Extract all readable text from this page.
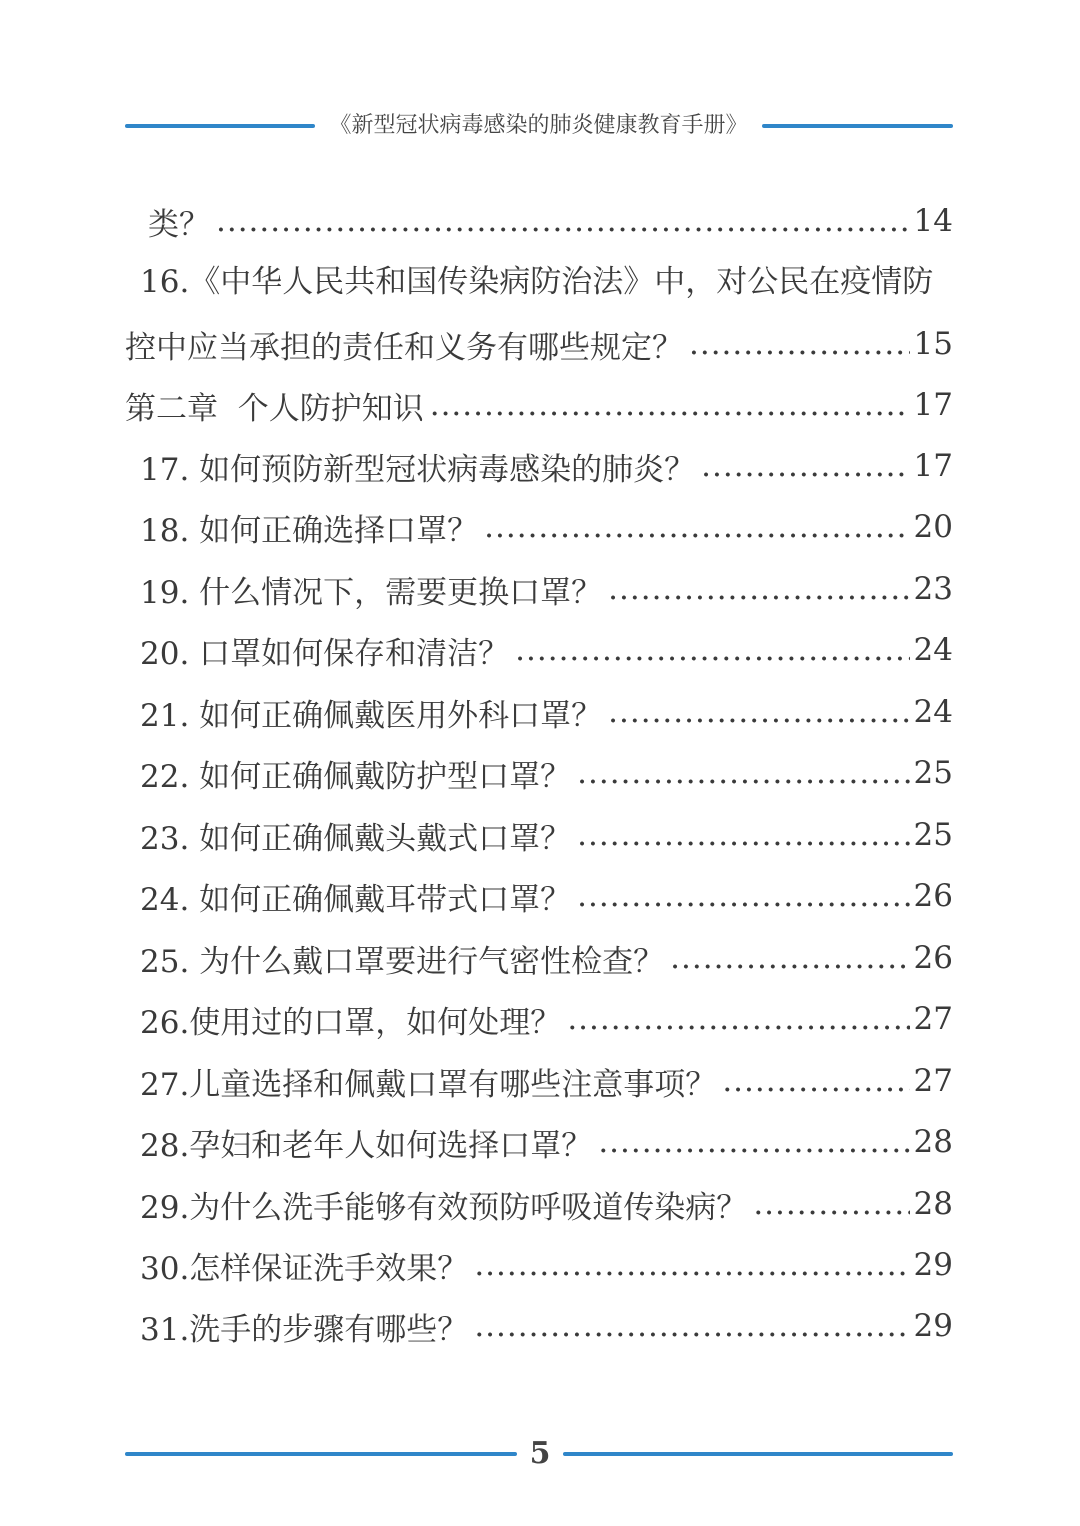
《新型冠状病毒感染的肺炎健康教育手册》
类？ .....	14
16.《中华人民共和国传染病防治法》中，对公民在疫情防
控中应当承担的责任和义务有哪些规定？ .....	15
第二章  个人防护知识 .....	17
17. 如何预防新型冠状病毒感染的肺炎？ .....	17
18. 如何正确选择口罩？ .....	20
19. 什么情况下，需要更换口罩？ .....	23
20. 口罩如何保存和清洁？ .....	24
21. 如何正确佩戴医用外科口罩？ .....	24
22. 如何正确佩戴防护型口罩？ .....	25
23. 如何正确佩戴头戴式口罩？ .....	25
24. 如何正确佩戴耳带式口罩？ .....	26
25. 为什么戴口罩要进行气密性检查？ .....	26
26.使用过的口罩，如何处理？ .....	27
27.儿童选择和佩戴口罩有哪些注意事项？ .....	27
28.孕妇和老年人如何选择口罩？ .....	28
29.为什么洗手能够有效预防呼吸道传染病？ .....	28
30.怎样保证洗手效果？ .....	29
31.洗手的步骤有哪些？ .....	29
5
